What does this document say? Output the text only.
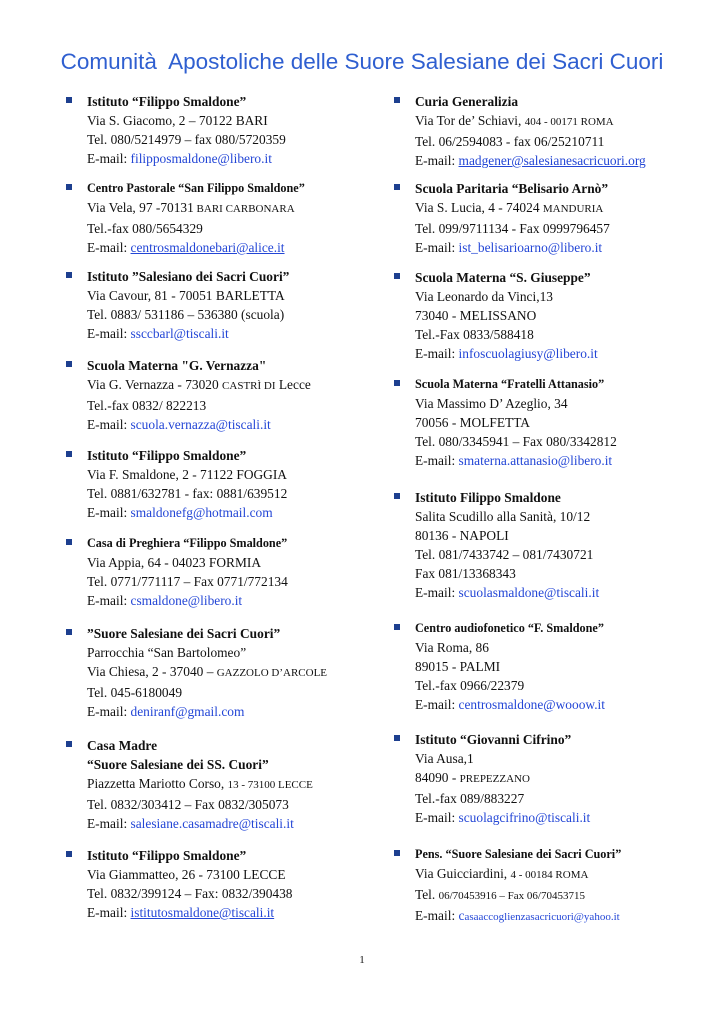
Comunità  Apostoliche delle Suore Salesiane dei Sacri Cuori
Istituto “Filippo Smaldone”
Via S. Giacomo, 2 – 70122 BARI
Tel. 080/5214979 – fax 080/5720359
E-mail: filipposmaldone@libero.it
Centro Pastorale “San Filippo Smaldone”
Via Vela, 97 -70131 BARI CARBONARA
Tel.-fax 080/5654329
E-mail: centrosmaldonebari@alice.it
Istituto ”Salesiano dei Sacri Cuori”
Via Cavour, 81 - 70051 BARLETTA
Tel. 0883/ 531186 – 536380 (scuola)
E-mail: ssccbarl@tiscali.it
Scuola Materna "G. Vernazza"
Via G. Vernazza - 73020 CASTRÌ DI Lecce
Tel.-fax 0832/ 822213
E-mail: scuola.vernazza@tiscali.it
Istituto “Filippo Smaldone”
Via F. Smaldone, 2 - 71122 FOGGIA
Tel. 0881/632781 - fax: 0881/639512
E-mail: smaldonefg@hotmail.com
Casa di Preghiera “Filippo Smaldone”
Via Appia, 64 - 04023 FORMIA
Tel. 0771/771117 – Fax 0771/772134
E-mail: csmaldone@libero.it
”Suore Salesiane dei Sacri Cuori”
Parrocchia “San Bartolomeo”
Via Chiesa, 2 - 37040 – GAZZOLO D’ARCOLE
Tel. 045-6180049
E-mail: deniranf@gmail.com
Casa Madre
“Suore Salesiane dei SS. Cuori”
Piazzetta Mariotto Corso, 13 - 73100 LECCE
Tel. 0832/303412 – Fax 0832/305073
E-mail: salesiane.casamadre@tiscali.it
Istituto “Filippo Smaldone”
Via Giammatteo, 26 - 73100 LECCE
Tel. 0832/399124 – Fax: 0832/390438
E-mail: istitutosmaldone@tiscali.it
Curia Generalizia
Via Tor de’ Schiavi, 404 - 00171 ROMA
Tel. 06/2594083 - fax 06/25210711
E-mail: madgener@salesianesacricuori.org
Scuola Paritaria “Belisario Arnò”
Via S. Lucia, 4 - 74024 MANDURIA
Tel. 099/9711134 - Fax 0999796457
E-mail: ist_belisarioarno@libero.it
Scuola Materna “S. Giuseppe”
Via Leonardo da Vinci,13
73040 - MELISSANO
Tel.-Fax 0833/588418
E-mail: infoscuolagiusy@libero.it
Scuola Materna “Fratelli Attanasio”
Via Massimo D’ Azeglio, 34
70056 - MOLFETTA
Tel. 080/3345941 – Fax 080/3342812
E-mail: smaterna.attanasio@libero.it
Istituto Filippo Smaldone
Salita Scudillo alla Sanità, 10/12
80136 - NAPOLI
Tel. 081/7433742 – 081/7430721
Fax 081/13368343
E-mail: scuolasmaldone@tiscali.it
Centro audiofonetico “F. Smaldone”
Via Roma, 86
89015 - PALMI
Tel.-fax 0966/22379
E-mail: centrosmaldone@wooow.it
Istituto “Giovanni Cifrino”
Via Ausa,1
84090 - PREPEZZANO
Tel.-fax 089/883227
E-mail: scuolagcifrino@tiscali.it
Pens. “Suore Salesiane dei Sacri Cuori”
Via Guicciardini, 4 - 00184 ROMA
Tel. 06/70453916 – Fax 06/70453715
E-mail: casaaccoglienzasacricuori@yahoo.it
1
